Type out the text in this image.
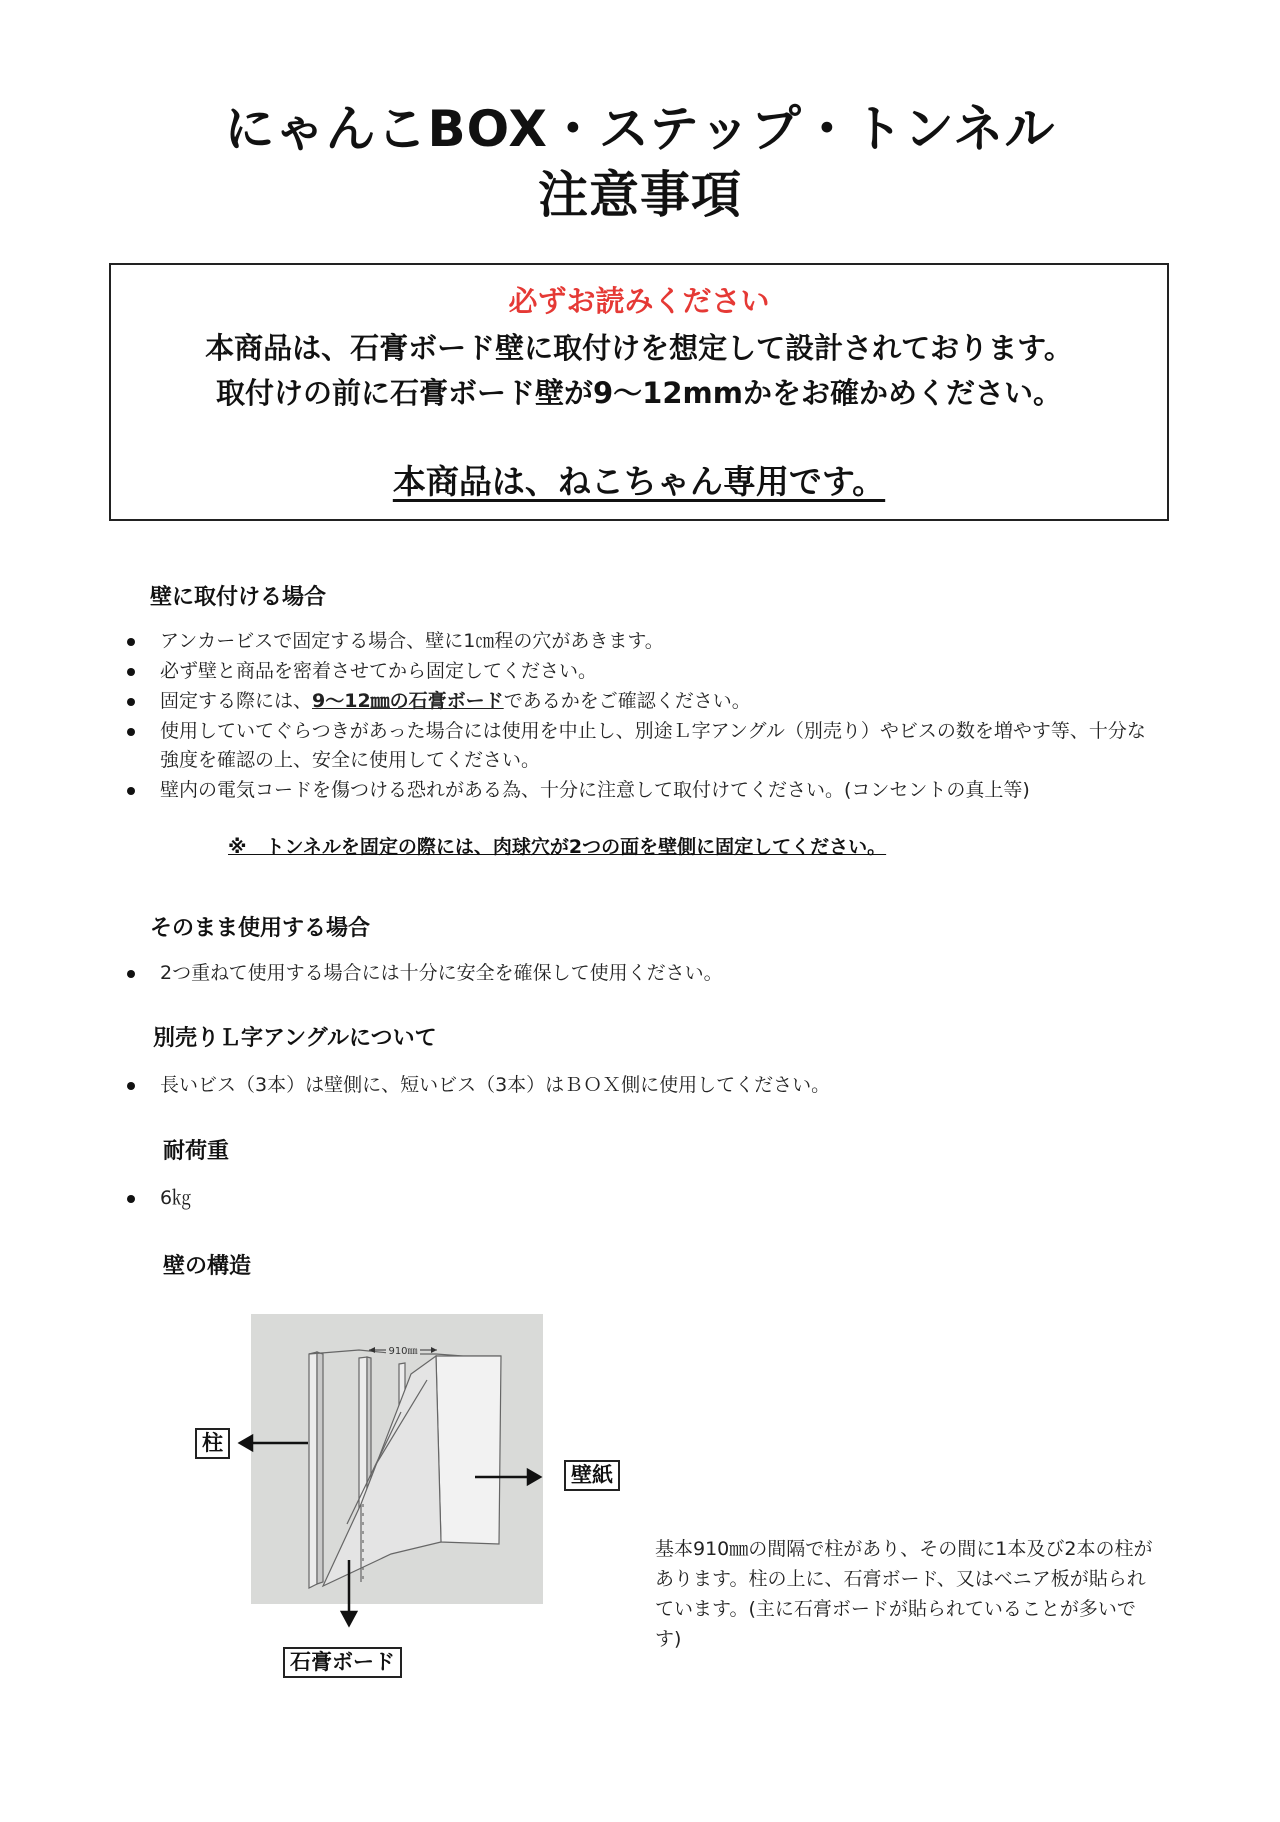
にゃんこBOX・ステップ・トンネル
注意事項
必ずお読みください
本商品は、石膏ボード壁に取付けを想定して設計されております。
取付けの前に石膏ボード壁が9～12mmかをお確かめください。
本商品は、ねこちゃん専用です。
壁に取付ける場合
アンカービスで固定する場合、壁に1㎝程の穴があきます。
必ず壁と商品を密着させてから固定してください。
固定する際には、9～12㎜の石膏ボードであるかをご確認ください。
使用していてぐらつきがあった場合には使用を中止し、別途Ｌ字アングル（別売り）やビスの数を増やす等、十分な強度を確認の上、安全に使用してください。
壁内の電気コードを傷つける恐れがある為、十分に注意して取付けてください。(コンセントの真上等)
※　トンネルを固定の際には、肉球穴が2つの面を壁側に固定してください。
そのまま使用する場合
2つ重ねて使用する場合には十分に安全を確保して使用ください。
別売りＬ字アングルについて
長いビス（3本）は壁側に、短いビス（3本）はＢＯＸ側に使用してください。
耐荷重
6㎏
壁の構造
910㎜
柱
壁紙
石膏ボード
基本910㎜の間隔で柱があり、その間に1本及び2本の柱があります。柱の上に、石膏ボード、又はベニア板が貼られています。(主に石膏ボードが貼られていることが多いです)
